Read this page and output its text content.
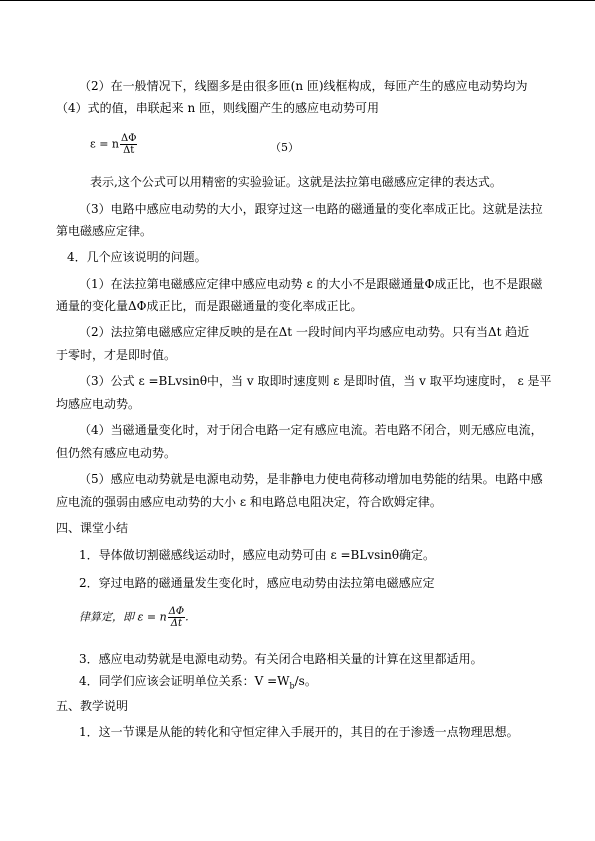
（2）在一般情况下，线圈多是由很多匝(n 匝)线框构成，每匝产生的感应电动势均为
（4）式的值，串联起来 n 匝，则线圈产生的感应电动势可用
ε = n $\frac{\Delta\Phi}{\Delta t}$	（5）
表示,这个公式可以用精密的实验验证。这就是法拉第电磁感应定律的表达式。
（3）电路中感应电动势的大小，跟穿过这一电路的磁通量的变化率成正比。这就是法拉
第电磁感应定律。
4．几个应该说明的问题。
（1）在法拉第电磁感应定律中感应电动势 ε 的大小不是跟磁通量Φ成正比，也不是跟磁
通量的变化量ΔΦ成正比，而是跟磁通量的变化率成正比。
（2）法拉第电磁感应定律反映的是在Δt 一段时间内平均感应电动势。只有当Δt 趋近
于零时，才是即时值。
（3）公式 ε =BLvsinθ中，当 v 取即时速度则 ε 是即时值，当 v 取平均速度时， ε 是平
均感应电动势。
（4）当磁通量变化时，对于闭合电路一定有感应电流。若电路不闭合，则无感应电流，
但仍然有感应电动势。
（5）感应电动势就是电源电动势，是非静电力使电荷移动增加电势能的结果。电路中感
应电流的强弱由感应电动势的大小 ε 和电路总电阻决定，符合欧姆定律。
四、课堂小结
1．导体做切割磁感线运动时，感应电动势可由 ε =BLvsinθ确定。
2．穿过电路的磁通量发生变化时，感应电动势由法拉第电磁感应定
律算定，即 ε = n $\frac{\Delta\Phi}{\Delta t}$ .
3．感应电动势就是电源电动势。有关闭合电路相关量的计算在这里都适用。
4．同学们应该会证明单位关系：$V =W_b/s$。
五、教学说明
1．这一节课是从能的转化和守恒定律入手展开的，其目的在于渗透一点物理思想。
